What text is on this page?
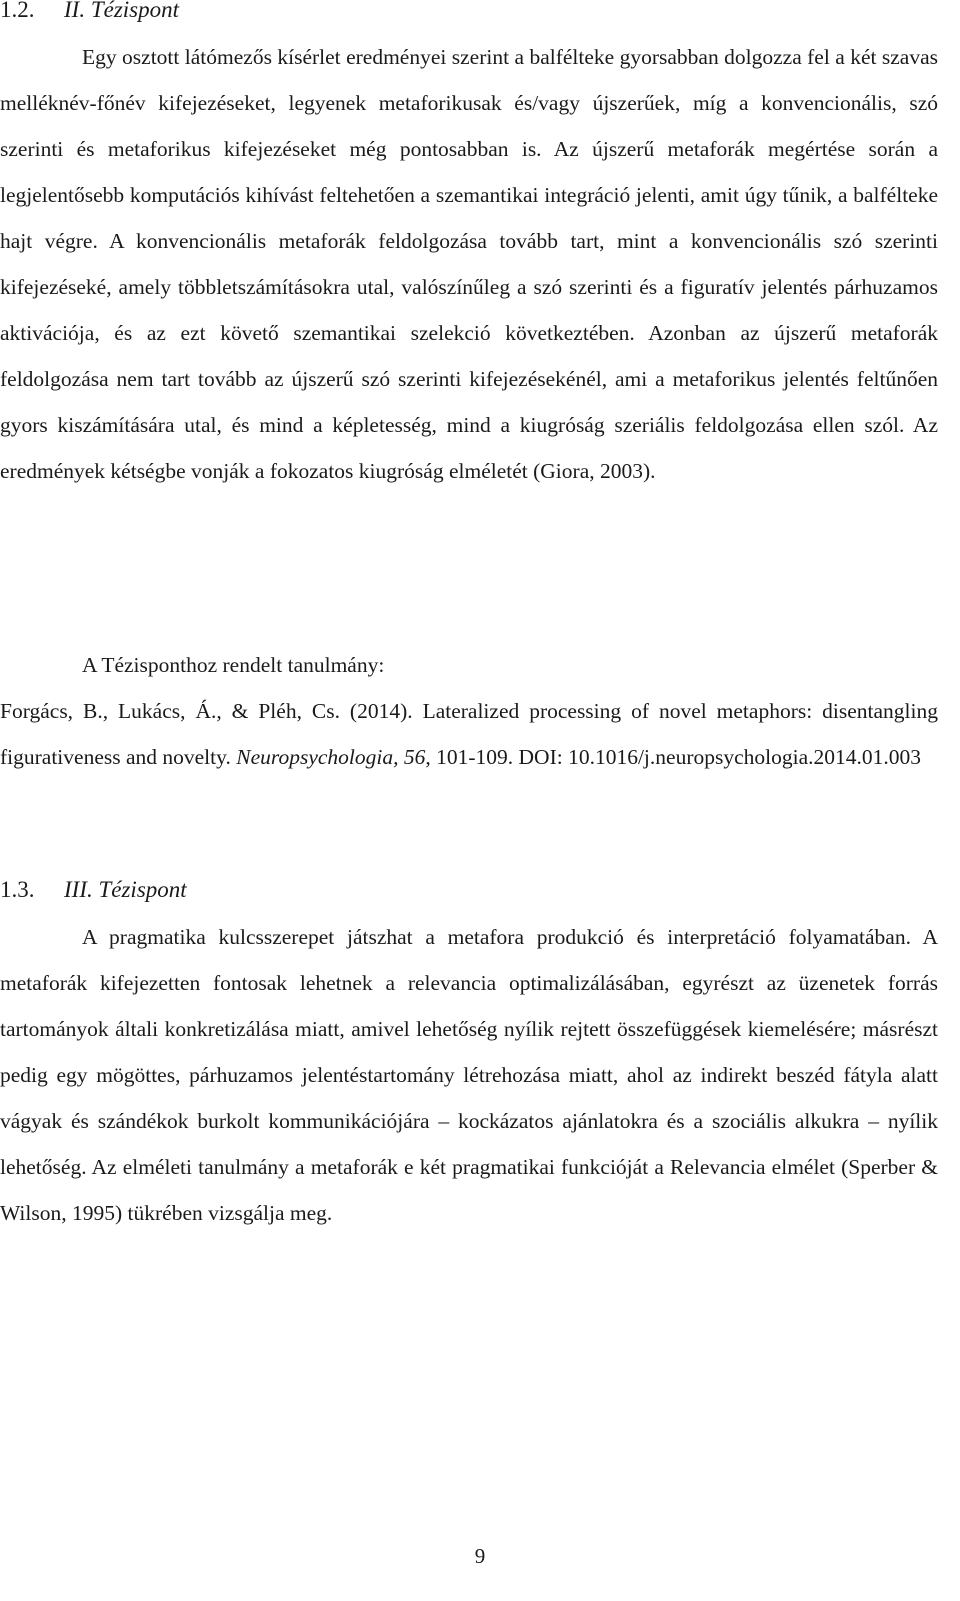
1.2. II. Tézispont

Egy osztott látómezős kísérlet eredményei szerint a balfélteke gyorsabban dolgozza fel a két szavas melléknév-főnév kifejezéseket, legyenek metaforikusak és/vagy újszerűek, míg a konvencionális, szó szerinti és metaforikus kifejezéseket még pontosabban is. Az újszerű metaforák megértése során a legjelentősebb komputációs kihívást feltehetően a szemantikai integráció jelenti, amit úgy tűnik, a balfélteke hajt végre. A konvencionális metaforák feldolgozása tovább tart, mint a konvencionális szó szerinti kifejezéseké, amely többletszámításokra utal, valószínűleg a szó szerinti és a figuratív jelentés párhuzamos aktivációja, és az ezt követő szemantikai szelekció következtében. Azonban az újszerű metaforák feldolgozása nem tart tovább az újszerű szó szerinti kifejezésekénél, ami a metaforikus jelentés feltűnően gyors kiszámítására utal, és mind a képletesség, mind a kiugróság szeriális feldolgozása ellen szól. Az eredmények kétségbe vonják a fokozatos kiugróság elméletét (Giora, 2003).

A Tézisponthoz rendelt tanulmány:

Forgács, B., Lukács, Á., & Pléh, Cs. (2014). Lateralized processing of novel metaphors: disentangling figurativeness and novelty. Neuropsychologia, 56, 101-109. DOI: 10.1016/j.neuropsychologia.2014.01.003

1.3. III. Tézispont

A pragmatika kulcsszerepet játszhat a metafora produkció és interpretáció folyamatában. A metaforák kifejezetten fontosak lehetnek a relevancia optimalizálásában, egyrészt az üzenetek forrás tartományok általi konkretizálása miatt, amivel lehetőség nyílik rejtett összefüggések kiemelésére; másrészt pedig egy mögöttes, párhuzamos jelentéstartomány létrehozása miatt, ahol az indirekt beszéd fátyla alatt vágyak és szándékok burkolt kommunikációjára – kockázatos ajánlatokra és a szociális alkukra – nyílik lehetőség. Az elméleti tanulmány a metaforák e két pragmatikai funkcióját a Relevancia elmélet (Sperber & Wilson, 1995) tükrében vizsgálja meg.

9
